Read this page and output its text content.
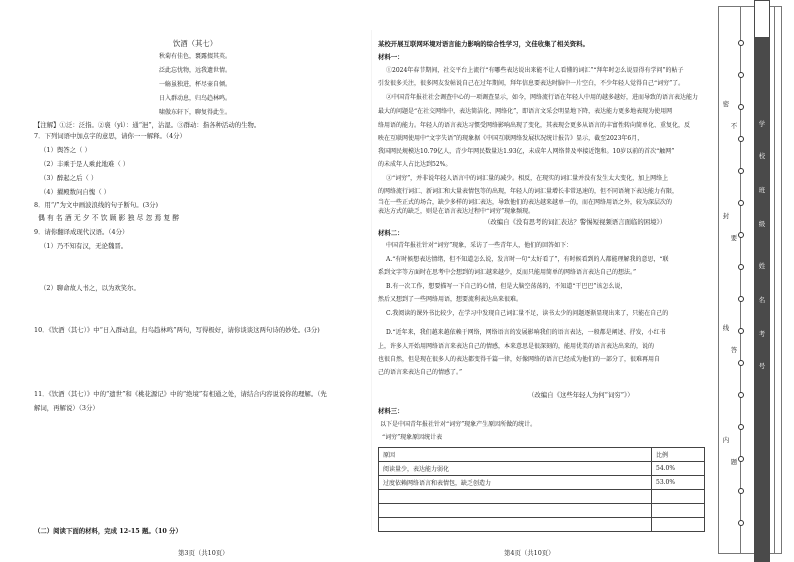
饮酒（其七）
秋菊有佳色，裛露掇其英。
泛此忘忧物，远我遗世情。
一觞虽独进，杯尽壶自倾。
日入群动息，归鸟趋林鸣。
啸傲东轩下，聊复得此生。
【注解】①泛：泛指。②裛（yì）：通“浥”，沾湿。③群动：指各种活动的生物。
7．下列词语中加点字的意思，请你一一解释。（4分）
（1）舆答之（ ）
（2）丰乘于是人乘此地难（ ）
（3）醉起之后（ ）
（4）擢殿数问自愧（ ）
8．用“/”为文中画波浪线的句子断句。(3分)
偶 有 名 酒 无 夕 不 饮 顾 影 独 尽 忽 焉 复 醉
9．请你翻译成现代汉语。（4分）
（1）乃不知有汉，无论魏晋。
（2）聊命故人书之，以为欢笑尔。
10．《饮酒（其七）》中“日入群动息，归鸟趋林鸣”两句，写得极好，请你谈谈这两句诗的妙处。(3分)
11．《饮酒（其七）》中的“遗世”和《桃花源记》中的“绝境”有相通之处，请结合内容说说你的理解。（先
解词，再解说）（3分）
（二）阅读下面的材料，完成 12-15 题。（10 分）
第3页（共10页）
某校开展互联网环境对语言能力影响的综合性学习，文佳收集了相关资料。
材料一：
①2024年春节期间，社交平台上流行“有哪些表达说出来能不让人看懂的词汇”“拜年时怎么说显得有学问”的帖子
引发很多关注，很多网友发帖说自己在过年期间，拜年信息要表达时脑中一片空白，不少年轻人觉得自己“词穷”了。
②中国青年报社社会调查中心的一项调查显示，如今，网络流行语在年轻人中用的越多越好，进而导致的语言表达能力
最大的问题是“在社交网络中，表达简洁化、网络化”，即语言文采会明显地下降，表达能力更多地表现为使用网
络用语的能力。年轻人的语言表达习惯受网络影响出现了变化，其表现会更多从语言的丰富性转向简单化、重复化，反
映在互联网使用中“文字失语”的现象据《中国互联网络发展状况统计报告》显示，截至2023年6月，
我国网民规模达10.79亿人，青少年网民数量达1.93亿，未成年人网络普及率接近饱和。10岁以前的首次“触网”
的未成年人占比达到52%。
③“词穷”，并非说年轻人语言中的词汇量的减少。相反，在现实的词汇量并没有发生太大变化，加上网络上
的网络流行词汇、新词汇和大量表情包等的出现，年轻人的词汇量增长非常迅速的，但不同语境下表达能力有限，
当在一些正式的场合，缺少多样的词汇表达，导致他们的表达越来越单一的，而在网络用语之外，较为深层次的
表达方式的缺乏，则是在语言表达过程中“词穷”现象频现。
（改编自《没有思考的词汇表达？警惕短视频语言面临的困境》）
材料二：
中国青年报社针对“词穷”现象，采访了一些青年人，他们的回答如下：
A.“有时候想表达情绪，但不知道怎么说，发言时一句“太好看了”，有时候看到的人都能理解我的意思，“联
系到文字等方面时在思考中会想到的词汇越来越少，反而只能用简单的网络语言表达自己的想法。”
B.有一次工作，想要描写一下自己的心情，但是大脑空荡荡的，不知道“干巴巴”该怎么说，
然后又想到了一些网络用语，想要流利表达出来很难。
C.我阅读的课外书比较少，在学习中发现自己词汇量不足，读书太少的问题逐渐显现出来了，只能在自己的
D.“近年来，我们越来越依赖于网络，网络语言的发展影响我们的语言表达，一般都是阐述、抒发，小红书
上，许多人开始用网络语言来表达自己的情感，本来意思是很深刻的，能用优美的语言表达出来的，说的
也很自然，但是现在很多人的表达都变得千篇一律，好像网络的语言已经成为他们的一部分了，很难再用自
己的语言来表达自己的情感了。”
（改编自《这些年轻人为何“词穷”》）
材料三：
以下是中国青年报社针对“词穷”现象产生原因所做的统计。
“词穷”现象原因统计表
原因	比例
阅读量少，表达能力弱化	54.0%
过度依赖网络语言和表情包，缺乏创造力	53.0%

第4页（共10页）
学
校
班
级
姓
名
考
号
密
封
线
内
不
要
答
题
